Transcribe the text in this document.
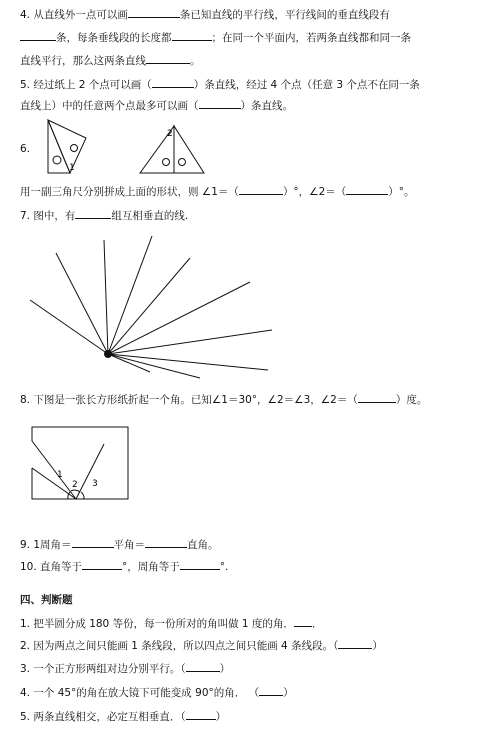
4. 从直线外一点可以画	条已知直线的平行线，平行线间的垂直线段有
条，每条垂线段的长度都	；在同一个平面内，若两条直线都和同一条
直线平行，那么这两条直线	。
5. 经过纸上 2 个点可以画（	）条直线，经过 4 个点（任意 3 个点不在同一条
直线上）中的任意两个点最多可以画（	）条直线。
6.
1
2
用一副三角尺分别拼成上面的形状，则 ∠1＝（	）°，∠2＝（	）°。
7. 图中，有	组互相垂直的线.
8. 下图是一张长方形纸折起一个角。已知∠1＝30°，∠2＝∠3，∠2＝（	）度。
1
2 3
9. 1周角＝	平角＝	直角。
10. 直角等于	°，周角等于	°.
四、判断题
1. 把半圆分成 180 等份，每一份所对的角叫做 1 度的角． ．
2. 因为两点之间只能画 1 条线段，所以四点之间只能画 4 条线段。（	）
3. 一个正方形两组对边分别平行。（	）
4. 一个 45°的角在放大镜下可能变成 90°的角． （ ）
5. 两条直线相交，必定互相垂直．（	）
